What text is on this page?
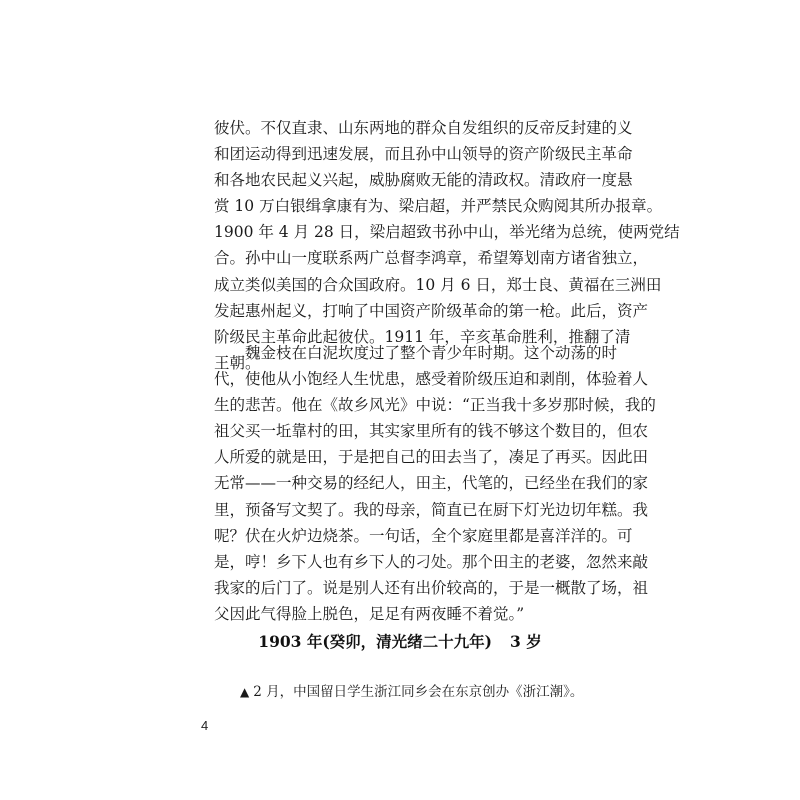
彼伏。不仅直隶、山东两地的群众自发组织的反帝反封建的义
和团运动得到迅速发展，而且孙中山领导的资产阶级民主革命
和各地农民起义兴起，威胁腐败无能的清政权。清政府一度悬
赏 10 万白银缉拿康有为、梁启超，并严禁民众购阅其所办报章。
1900 年 4 月 28 日，梁启超致书孙中山，举光绪为总统，使两党结
合。孙中山一度联系两广总督李鸿章，希望筹划南方诸省独立，
成立类似美国的合众国政府。10 月 6 日，郑士良、黄福在三洲田
发起惠州起义，打响了中国资产阶级革命的第一枪。此后，资产
阶级民主革命此起彼伏。1911 年，辛亥革命胜利，推翻了清
王朝。
魏金枝在白泥坎度过了整个青少年时期。这个动荡的时
代，使他从小饱经人生忧患，感受着阶级压迫和剥削，体验着人
生的悲苦。他在《故乡风光》中说：“正当我十多岁那时候，我的
祖父买一坵靠村的田，其实家里所有的钱不够这个数目的，但农
人所爱的就是田，于是把自己的田去当了，凑足了再买。因此田
无常——一种交易的经纪人，田主，代笔的，已经坐在我们的家
里，预备写文契了。我的母亲，简直已在厨下灯光边切年糕。我
呢？伏在火炉边烧茶。一句话，全个家庭里都是喜洋洋的。可
是，哼！乡下人也有乡下人的刁处。那个田主的老婆，忽然来敲
我家的后门了。说是别人还有出价较高的，于是一概散了场，祖
父因此气得脸上脱色，足足有两夜睡不着觉。”
1903 年(癸卯，清光绪二十九年) 3 岁
▲ 2 月，中国留日学生浙江同乡会在东京创办《浙江潮》。
4
